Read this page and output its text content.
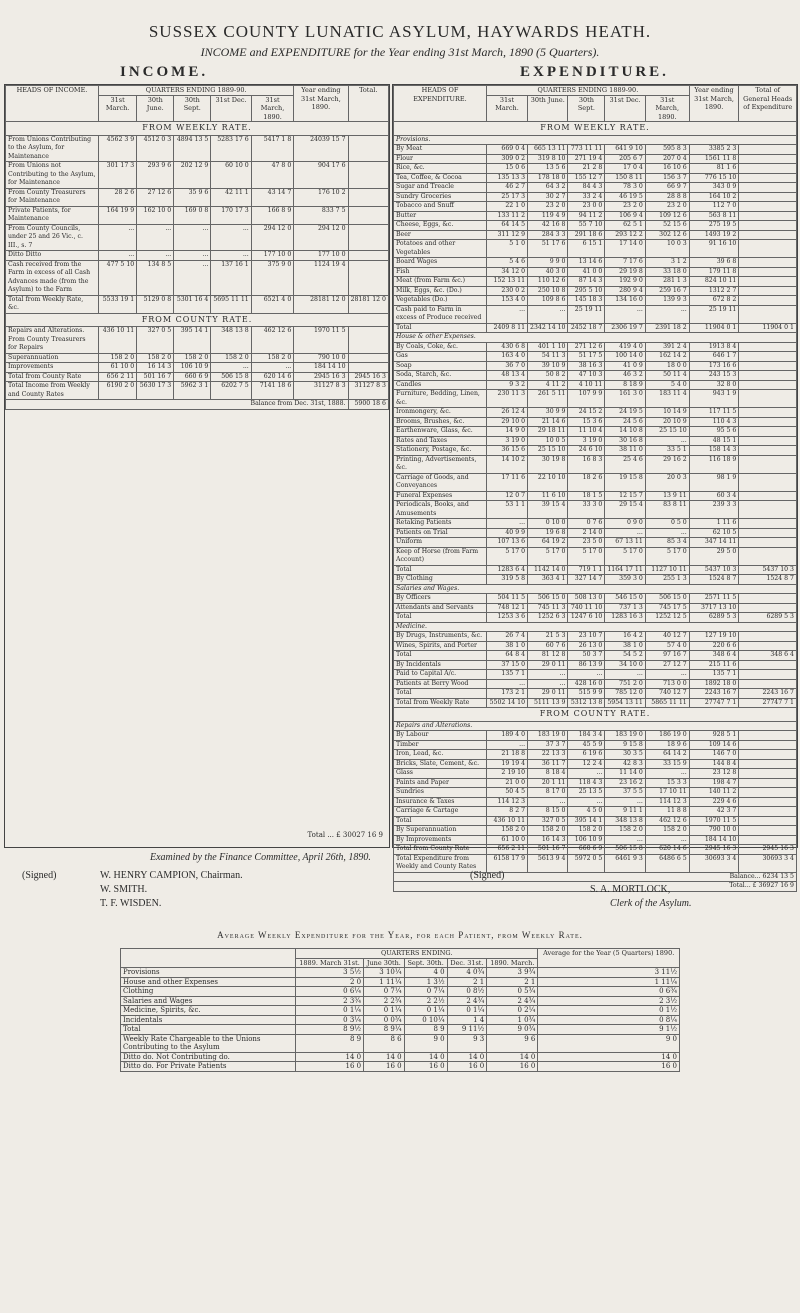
SUSSEX COUNTY LUNATIC ASYLUM, HAYWARDS HEATH.
INCOME and EXPENDITURE for the Year ending 31st March, 1890 (5 Quarters).
INCOME.
HEADS OF INCOME.	QUARTERS ENDING 1889-90.					Year ending 31st March, 1890.	Total.
	31st March.	30th June.	30th Sept.	31st Dec.	31st March, 1890.		
FROM WEEKLY RATE.							
From Unions Contributing to the Asylum, for Maintenance	4562 3 9	4512 0 3	4894 13 5	5283 17 6	5417 1 8	24039 15 7	
From Unions not Contributing to the Asylum, for Maintenance	301 17 3	293 9 6	202 12 9	60 10 0	47 8 0	904 17 6	
From County Treasurers for Maintenance	28 2 6	27 12 6	35 9 6	42 11 1	43 14 7	176 10 2	
Private Patients, for Maintenance	164 19 9	162 10 0	169 0 8	170 17 3	166 8 9	833 7 5	
From County Councils, under 25 and 26 Vic., c. III., s. 7	...	...	...	...	294 12 0	294 12 0	
Ditto Ditto	...	...	...	...	177 10 0	177 10 0	
Cash received from the Farm in excess of all Cash Advances made (from the Asylum) to the Farm	477 5 10	134 8 5	...	137 16 1	375 9 0	1124 19 4	
Total from Weekly Rate, &c.	5533 19 1	5129 0 8	5301 16 4	5695 11 11	6521 4 0	28181 12 0	28181 12 0
FROM COUNTY RATE.							
Repairs and Alterations. From County Treasurers for Repairs	436 10 11	327 0 5	395 14 1	348 13 8	462 12 6	1970 11 5	
Superannuation	158 2 0	158 2 0	158 2 0	158 2 0	158 2 0	790 10 0	
Improvements	61 10 0	16 14 3	106 10 9	...	...	184 14 10	
Total from County Rate	656 2 11	501 16 7	660 6 9	506 15 8	620 14 6	2945 16 3	2945 16 3
Total Income from Weekly and County Rates	6190 2 0	5630 17 3	5962 3 1	6202 7 5	7141 18 6	31127 8 3	31127 8 3
Balance from Dec. 31st, 1888.							5900 18 6
Total ... £ 30027 16 9
EXPENDITURE.
HEADS OF EXPENDITURE.	QUARTERS ENDING 1889-90.					Year ending 31st March, 1890.	Total of General Heads of Expenditure
	31st March.	30th June.	30th Sept.	31st Dec.	31st March, 1890.		
FROM WEEKLY RATE.							
Provisions.							
By Meat	669 0 4	665 13 11	773 11 11	641 9 10	595 8 3	3385 2 3	
Flour	309 0 2	319 8 10	271 19 4	205 6 7	207 0 4	1561 11 8	
Rice, &c.	15 0 6	13 5 6	21 2 8	17 0 4	16 10 6	81 1 6	
Tea, Coffee, & Cocoa	135 13 3	178 18 0	155 12 7	150 8 11	156 3 7	776 15 10	
Sugar and Treacle	46 2 7	64 3 2	84 4 3	78 3 0	66 9 7	343 0 9	
Sundry Groceries	25 17 3	30 2 7	33 2 4	46 19 5	28 8 8	164 10 2	
Tobacco and Snuff	22 1 0	23 2 0	23 0 0	23 2 0	23 2 0	112 7 0	
Butter	133 11 2	119 4 9	94 11 2	106 9 4	109 12 6	563 8 11	
Cheese, Eggs, &c.	64 14 5	42 16 8	55 7 10	62 5 1	52 15 6	275 19 5	
Beer	311 12 9	284 3 3	291 18 6	293 12 2	302 12 6	1493 19 2	
Potatoes and other Vegetables	5 1 0	51 17 6	6 15 1	17 14 0	10 0 3	91 16 10	
Board Wages	5 4 6	9 9 0	13 14 6	7 17 6	3 1 2	39 6 8	
Fish	34 12 0	40 3 0	41 0 0	29 19 8	33 18 0	179 11 8	
Meat (from Farm &c.)	152 13 11	110 12 6	87 14 3	192 9 0	281 1 3	824 10 11	
Milk, Eggs, &c. (Do.)	230 0 2	250 10 8	295 5 10	280 9 4	259 16 7	1312 2 7	
Vegetables (Do.)	153 4 0	109 8 6	145 18 3	134 16 0	139 9 3	672 8 2	
Cash paid to Farm in excess of Produce received	...	...	25 19 11	...	...	25 19 11	
Total	2409 8 11	2342 14 10	2452 18 7	2306 19 7	2391 18 2	11904 0 1	11904 0 1
House & other Expenses.							
By Coals, Coke, &c.	430 6 8	401 1 10	271 12 6	419 4 0	391 2 4	1913 8 4	
Gas	163 4 0	54 11 3	51 17 5	100 14 0	162 14 2	646 1 7	
Soap	36 7 0	39 10 9	38 16 3	41 0 9	18 0 0	173 16 6	
Soda, Starch, &c.	48 13 4	50 8 2	47 10 3	46 3 2	50 11 4	243 15 3	
Candles	9 3 2	4 11 2	4 10 11	8 18 9	5 4 0	32 8 0	
Furniture, Bedding, Linen, &c.	230 11 3	261 5 11	107 9 9	161 3 0	183 11 4	943 1 9	
Ironmongery, &c.	26 12 4	30 9 9	24 15 2	24 19 5	10 14 9	117 11 5	
Brooms, Brushes, &c.	29 10 0	21 14 6	15 3 6	24 5 6	20 10 9	110 4 3	
Earthenware, Glass, &c.	14 9 0	29 18 11	11 10 4	14 10 8	25 15 10	95 5 6	
Rates and Taxes	3 19 0	10 0 5	3 19 0	30 16 8	...	48 15 1	
Stationery, Postage, &c.	36 15 6	25 15 10	24 6 10	38 11 0	33 5 1	158 14 3	
Printing, Advertisements, &c.	14 10 2	30 19 8	16 8 3	25 4 6	29 16 2	116 18 9	
Carriage of Goods, and Conveyances	17 11 6	22 10 10	18 2 6	19 15 8	20 0 3	98 1 9	
Funeral Expenses	12 0 7	11 6 10	18 1 5	12 15 7	13 9 11	60 3 4	
Periodicals, Books, and Amusements	53 1 1	39 15 4	33 3 0	29 15 4	83 8 11	239 3 3	
Retaking Patients	...	0 10 0	0 7 6	0 9 0	0 5 0	1 11 6	
Patients on Trial	40 9 9	19 6 8	2 14 0	...	...	62 10 5	
Uniform	107 13 6	64 19 2	23 5 0	67 13 11	85 3 4	347 14 11	
Keep of Horse (from Farm Account)	5 17 0	5 17 0	5 17 0	5 17 0	5 17 0	29 5 0	
Total	1283 6 4	1142 14 0	719 1 1	1164 17 11	1127 10 11	5437 10 3	5437 10 3
By Clothing	319 5 8	363 4 1	327 14 7	359 3 0	255 1 3	1524 8 7	1524 8 7
Salaries and Wages.							
By Officers	504 11 5	506 15 0	508 13 0	546 15 0	506 15 0	2571 11 5	
Attendants and Servants	748 12 1	745 11 3	740 11 10	737 1 3	745 17 5	3717 13 10	
Total	1253 3 6	1252 6 3	1247 6 10	1283 16 3	1252 12 5	6289 5 3	6289 5 3
Medicine.							
By Drugs, Instruments, &c.	26 7 4	21 5 3	23 10 7	16 4 2	40 12 7	127 19 10	
Wines, Spirits, and Porter	38 1 0	60 7 6	26 13 0	38 1 0	57 4 0	220 6 6	
Total	64 8 4	81 12 8	50 3 7	54 5 2	97 16 7	348 6 4	348 6 4
By Incidentals	37 15 0	29 0 11	86 13 9	34 10 0	27 12 7	215 11 6	
Paid to Capital A/c.	135 7 1	...	...	...	...	135 7 1	
Patients at Berry Wood	...	...	428 16 0	751 2 0	713 0 0	1892 18 0	
Total	173 2 1	29 0 11	515 9 9	785 12 0	740 12 7	2243 16 7	2243 16 7
Total from Weekly Rate	5502 14 10	5111 13 9	5312 13 8	5954 13 11	5865 11 11	27747 7 1	27747 7 1
FROM COUNTY RATE.							
Repairs and Alterations.							
By Labour	189 4 0	183 19 0	184 3 4	183 19 0	186 19 0	928 5 1	
Timber	...	37 3 7	45 5 9	9 15 8	18 9 6	109 14 6	
Iron, Lead, &c.	21 18 8	22 13 3	6 19 6	30 3 5	64 14 2	146 7 0	
Bricks, Slate, Cement, &c.	19 19 4	36 11 7	12 2 4	42 8 3	33 15 9	144 8 4	
Glass	2 19 10	8 18 4	...	11 14 0	...	23 12 8	
Paints and Paper	21 0 0	20 1 11	118 4 3	23 16 2	15 3 3	198 4 7	
Sundries	50 4 5	8 17 0	25 13 5	37 5 5	17 10 11	140 11 2	
Insurance & Taxes	114 12 3	...	...	...	114 12 3	229 4 6	
Carriage & Cartage	8 2 7	8 15 0	4 5 0	9 11 1	11 8 8	42 3 7	
Total	436 10 11	327 0 5	395 14 1	348 13 8	462 12 6	1970 11 5	
By Superannuation	158 2 0	158 2 0	158 2 0	158 2 0	158 2 0	790 10 0	
By Improvements	61 10 0	16 14 3	106 10 9	...	...	184 14 10	
Total from County Rate	656 2 11	501 16 7	660 6 9	506 15 8	620 14 6	2945 16 3	2945 16 3
Total Expenditure from Weekly and County Rates	6158 17 9	5613 9 4	5972 0 5	6461 9 3	6486 6 5	30693 3 4	30693 3 4
Balance... 6234 13 5							
Total... £ 36927 16 9							
Examined by the Finance Committee, April 26th, 1890.
(Signed)	W. HENRY CAMPION, Chairman.
W. SMITH.
T. F. WISDEN.
(Signed)
S. A. MORTLOCK,
Clerk of the Asylum.
Average Weekly Expenditure for the Year, for each Patient, from Weekly Rate.
	QUARTERS ENDING.					Average for the Year (5 Quarters) 1890.
	1889. March 31st.	June 30th.	Sept. 30th.	Dec. 31st.	1890. March.	
Provisions	3 5½	3 10¼	4 0	4 0¾	3 9¾	3 11½
House and other Expenses	2 0	1 11¼	1 3½	2 1	2 1	1 11¼
Clothing	0 6¼	0 7¼	0 7¼	0 8½	0 5¾	0 6¾
Salaries and Wages	2 3¾	2 2¾	2 2½	2 4¾	2 4¾	2 3½
Medicine, Spirits, &c.	0 1¼	0 1¼	0 1¼	0 1¼	0 2¼	0 1½
Incidentals	0 3¼	0 0¾	0 10¼	1 4	1 0¾	0 8¼
Total	8 9½	8 9¼	8 9	9 11½	9 0¾	9 1½
Weekly Rate Chargeable to the Unions Contributing to the Asylum	8 9	8 6	9 0	9 3	9 6	9 0
Ditto do. Not Contributing do.	14 0	14 0	14 0	14 0	14 0	14 0
Ditto do. For Private Patients	16 0	16 0	16 0	16 0	16 0	16 0
